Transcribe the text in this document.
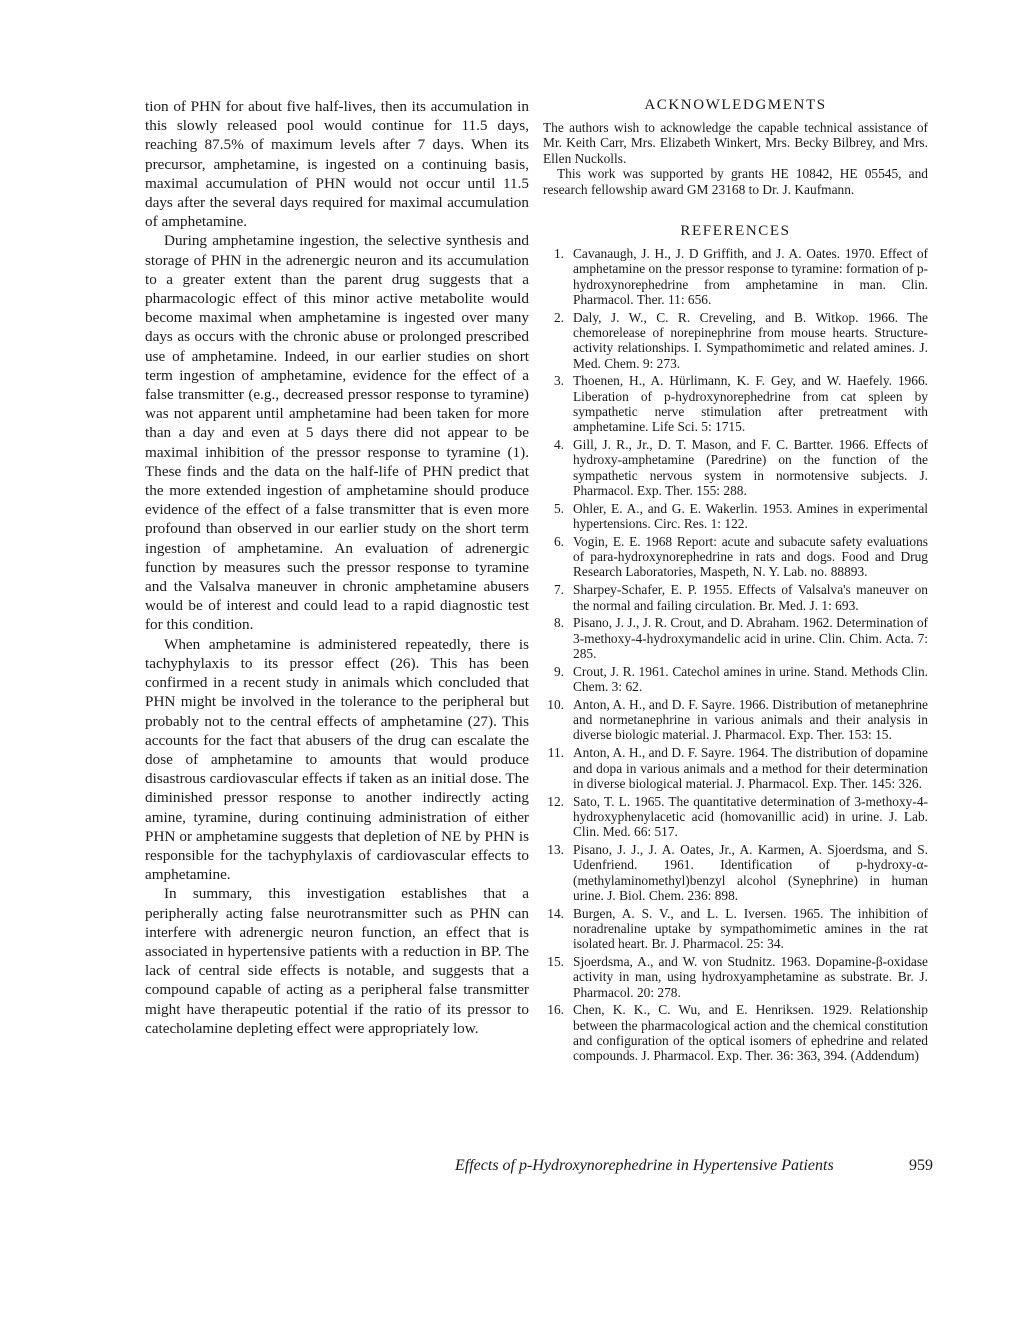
tion of PHN for about five half-lives, then its accumulation in this slowly released pool would continue for 11.5 days, reaching 87.5% of maximum levels after 7 days. When its precursor, amphetamine, is ingested on a continuing basis, maximal accumulation of PHN would not occur until 11.5 days after the several days required for maximal accumulation of amphetamine.

During amphetamine ingestion, the selective synthesis and storage of PHN in the adrenergic neuron and its accumulation to a greater extent than the parent drug suggests that a pharmacologic effect of this minor active metabolite would become maximal when amphetamine is ingested over many days as occurs with the chronic abuse or prolonged prescribed use of amphetamine. Indeed, in our earlier studies on short term ingestion of amphetamine, evidence for the effect of a false transmitter (e.g., decreased pressor response to tyramine) was not apparent until amphetamine had been taken for more than a day and even at 5 days there did not appear to be maximal inhibition of the pressor response to tyramine (1). These finds and the data on the half-life of PHN predict that the more extended ingestion of amphetamine should produce evidence of the effect of a false transmitter that is even more profound than observed in our earlier study on the short term ingestion of amphetamine. An evaluation of adrenergic function by measures such the pressor response to tyramine and the Valsalva maneuver in chronic amphetamine abusers would be of interest and could lead to a rapid diagnostic test for this condition.

When amphetamine is administered repeatedly, there is tachyphylaxis to its pressor effect (26). This has been confirmed in a recent study in animals which concluded that PHN might be involved in the tolerance to the peripheral but probably not to the central effects of amphetamine (27). This accounts for the fact that abusers of the drug can escalate the dose of amphetamine to amounts that would produce disastrous cardiovascular effects if taken as an initial dose. The diminished pressor response to another indirectly acting amine, tyramine, during continuing administration of either PHN or amphetamine suggests that depletion of NE by PHN is responsible for the tachyphylaxis of cardiovascular effects to amphetamine.

In summary, this investigation establishes that a peripherally acting false neurotransmitter such as PHN can interfere with adrenergic neuron function, an effect that is associated in hypertensive patients with a reduction in BP. The lack of central side effects is notable, and suggests that a compound capable of acting as a peripheral false transmitter might have therapeutic potential if the ratio of its pressor to catecholamine depleting effect were appropriately low.

ACKNOWLEDGMENTS

The authors wish to acknowledge the capable technical assistance of Mr. Keith Carr, Mrs. Elizabeth Winkert, Mrs. Becky Bilbrey, and Mrs. Ellen Nuckolls.

This work was supported by grants HE 10842, HE 05545, and research fellowship award GM 23168 to Dr. J. Kaufmann.

REFERENCES
1. Cavanaugh, J. H., J. D Griffith, and J. A. Oates. 1970. Effect of amphetamine on the pressor response to tyramine: formation of p-hydroxynorephedrine from amphetamine in man. Clin. Pharmacol. Ther. 11: 656.
2. Daly, J. W., C. R. Creveling, and B. Witkop. 1966. The chemorelease of norepinephrine from mouse hearts. Structure-activity relationships. I. Sympathomimetic and related amines. J. Med. Chem. 9: 273.
3. Thoenen, H., A. Hürlimann, K. F. Gey, and W. Haefely. 1966. Liberation of p-hydroxynorephedrine from cat spleen by sympathetic nerve stimulation after pretreatment with amphetamine. Life Sci. 5: 1715.
4. Gill, J. R., Jr., D. T. Mason, and F. C. Bartter. 1966. Effects of hydroxy-amphetamine (Paredrine) on the function of the sympathetic nervous system in normotensive subjects. J. Pharmacol. Exp. Ther. 155: 288.
5. Ohler, E. A., and G. E. Wakerlin. 1953. Amines in experimental hypertensions. Circ. Res. 1: 122.
6. Vogin, E. E. 1968 Report: acute and subacute safety evaluations of para-hydroxynorephedrine in rats and dogs. Food and Drug Research Laboratories, Maspeth, N. Y. Lab. no. 88893.
7. Sharpey-Schafer, E. P. 1955. Effects of Valsalva's maneuver on the normal and failing circulation. Br. Med. J. 1: 693.
8. Pisano, J. J., J. R. Crout, and D. Abraham. 1962. Determination of 3-methoxy-4-hydroxymandelic acid in urine. Clin. Chim. Acta. 7: 285.
9. Crout, J. R. 1961. Catechol amines in urine. Stand. Methods Clin. Chem. 3: 62.
10. Anton, A. H., and D. F. Sayre. 1966. Distribution of metanephrine and normetanephrine in various animals and their analysis in diverse biologic material. J. Pharmacol. Exp. Ther. 153: 15.
11. Anton, A. H., and D. F. Sayre. 1964. The distribution of dopamine and dopa in various animals and a method for their determination in diverse biological material. J. Pharmacol. Exp. Ther. 145: 326.
12. Sato, T. L. 1965. The quantitative determination of 3-methoxy-4-hydroxyphenylacetic acid (homovanillic acid) in urine. J. Lab. Clin. Med. 66: 517.
13. Pisano, J. J., J. A. Oates, Jr., A. Karmen, A. Sjoerdsma, and S. Udenfriend. 1961. Identification of p-hydroxy-α-(methylaminomethyl)benzyl alcohol (Synephrine) in human urine. J. Biol. Chem. 236: 898.
14. Burgen, A. S. V., and L. L. Iversen. 1965. The inhibition of noradrenaline uptake by sympathomimetic amines in the rat isolated heart. Br. J. Pharmacol. 25: 34.
15. Sjoerdsma, A., and W. von Studnitz. 1963. Dopamine-β-oxidase activity in man, using hydroxyamphetamine as substrate. Br. J. Pharmacol. 20: 278.
16. Chen, K. K., C. Wu, and E. Henriksen. 1929. Relationship between the pharmacological action and the chemical constitution and configuration of the optical isomers of ephedrine and related compounds. J. Pharmacol. Exp. Ther. 36: 363, 394. (Addendum)
Effects of p-Hydroxynorephedrine in Hypertensive Patients	959
